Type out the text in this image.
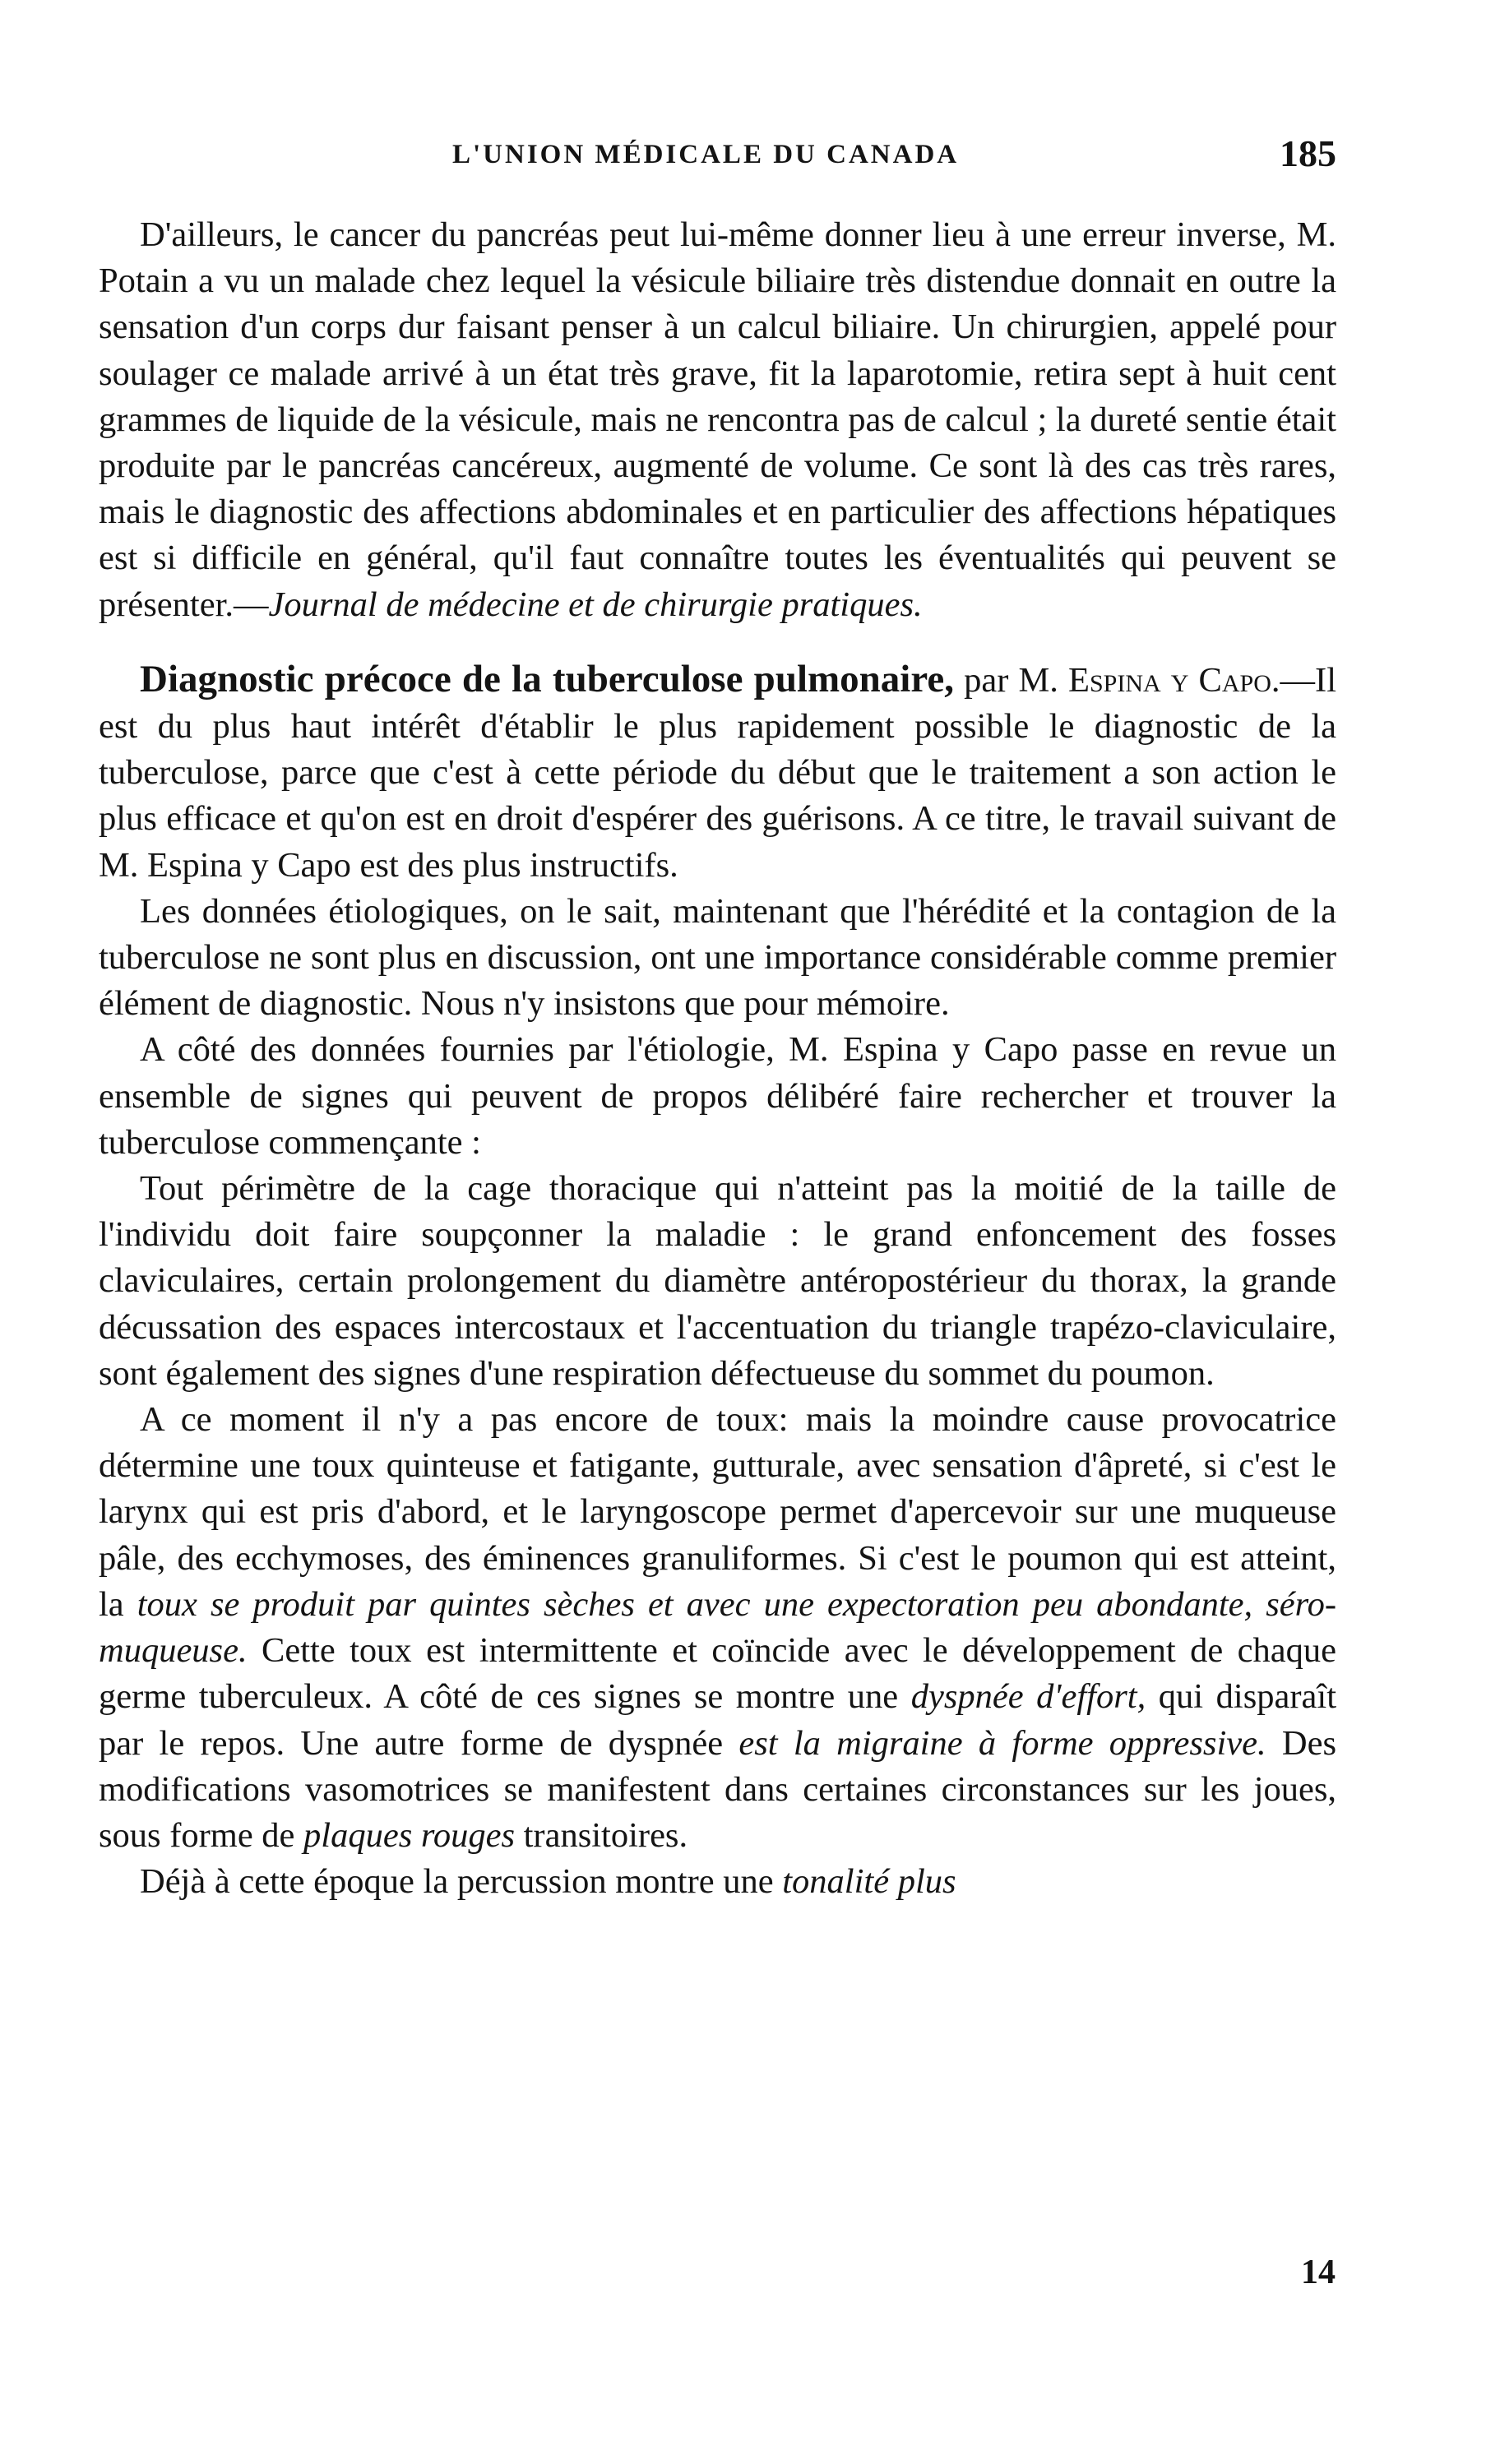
L'UNION MÉDICALE DU CANADA	185

D'ailleurs, le cancer du pancréas peut lui-même donner lieu à une erreur inverse, M. Potain a vu un malade chez lequel la vésicule biliaire très distendue donnait en outre la sensation d'un corps dur faisant penser à un calcul biliaire. Un chirurgien, appelé pour soulager ce malade arrivé à un état très grave, fit la laparotomie, retira sept à huit cent grammes de liquide de la vésicule, mais ne rencontra pas de calcul ; la dureté sentie était produite par le pancréas cancéreux, augmenté de volume. Ce sont là des cas très rares, mais le diagnostic des affections abdominales et en particulier des affections hépatiques est si difficile en général, qu'il faut connaître toutes les éventualités qui peuvent se présenter.—Journal de médecine et de chirurgie pratiques.

Diagnostic précoce de la tuberculose pulmonaire, par M. Espina y Capo.—Il est du plus haut intérêt d'établir le plus rapidement possible le diagnostic de la tuberculose, parce que c'est à cette période du début que le traitement a son action le plus efficace et qu'on est en droit d'espérer des guérisons. A ce titre, le travail suivant de M. Espina y Capo est des plus instructifs.

Les données étiologiques, on le sait, maintenant que l'hérédité et la contagion de la tuberculose ne sont plus en discussion, ont une importance considérable comme premier élément de diagnostic. Nous n'y insistons que pour mémoire.

A côté des données fournies par l'étiologie, M. Espina y Capo passe en revue un ensemble de signes qui peuvent de propos délibéré faire rechercher et trouver la tuberculose commençante :

Tout périmètre de la cage thoracique qui n'atteint pas la moitié de la taille de l'individu doit faire soupçonner la maladie : le grand enfoncement des fosses claviculaires, certain prolongement du diamètre antéropostérieur du thorax, la grande décussation des espaces intercostaux et l'accentuation du triangle trapézo-claviculaire, sont également des signes d'une respiration défectueuse du sommet du poumon.

A ce moment il n'y a pas encore de toux: mais la moindre cause provocatrice détermine une toux quinteuse et fatigante, gutturale, avec sensation d'âpreté, si c'est le larynx qui est pris d'abord, et le laryngoscope permet d'apercevoir sur une muqueuse pâle, des ecchymoses, des éminences granuliformes. Si c'est le poumon qui est atteint, la toux se produit par quintes sèches et avec une expectoration peu abondante, séro-muqueuse. Cette toux est intermittente et coïncide avec le développement de chaque germe tuberculeux. A côté de ces signes se montre une dyspnée d'effort, qui disparaît par le repos. Une autre forme de dyspnée est la migraine à forme oppressive. Des modifications vasomotrices se manifestent dans certaines circonstances sur les joues, sous forme de plaques rouges transitoires.

Déjà à cette époque la percussion montre une tonalité plus

14
